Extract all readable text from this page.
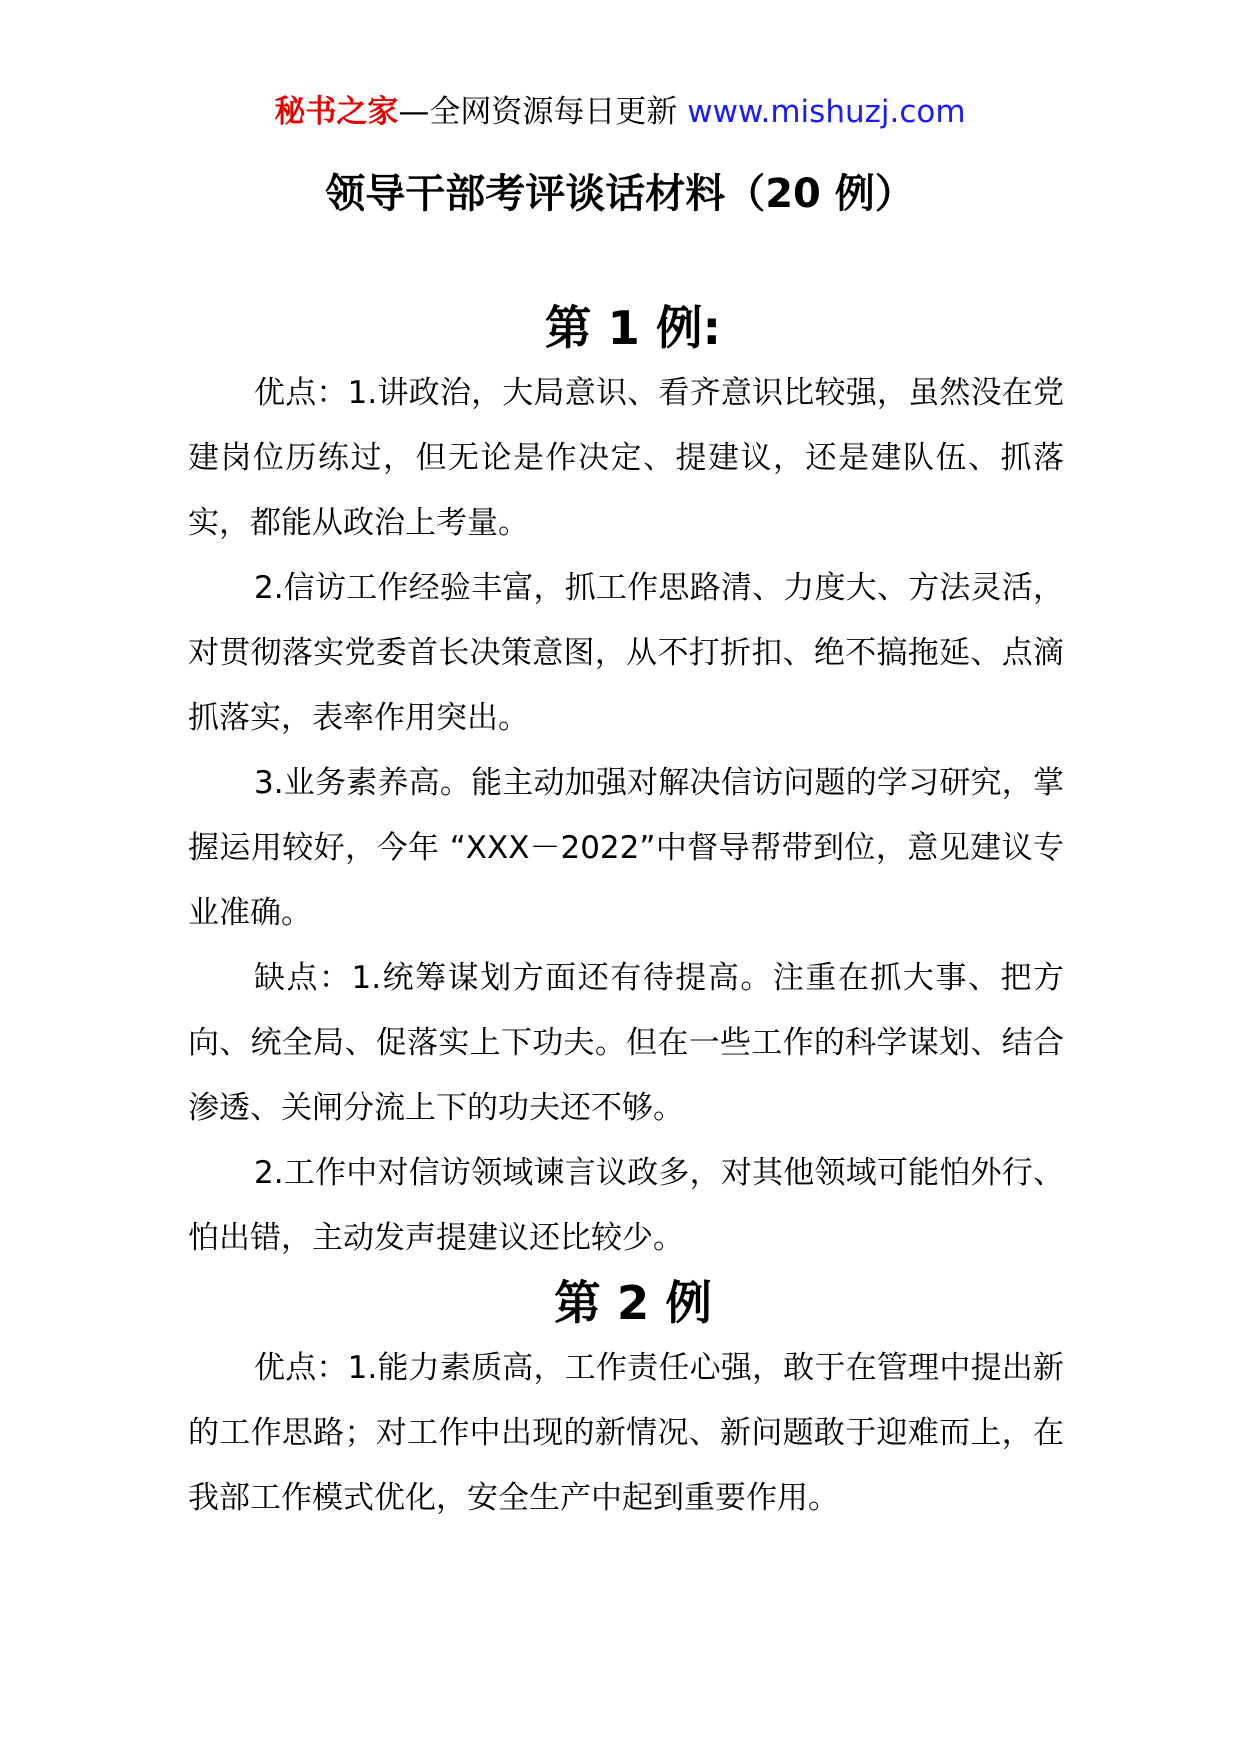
秘书之家—全网资源每日更新 www.mishuzj.com
领导干部考评谈话材料（20 例）
第 1 例:

优点：1.讲政治，大局意识、看齐意识比较强，虽然没在党建岗位历练过，但无论是作决定、提建议，还是建队伍、抓落实，都能从政治上考量。

2.信访工作经验丰富，抓工作思路清、力度大、方法灵活，对贯彻落实党委首长决策意图，从不打折扣、绝不搞拖延、点滴抓落实，表率作用突出。

3.业务素养高。能主动加强对解决信访问题的学习研究，掌握运用较好，今年 “XXX－2022”中督导帮带到位，意见建议专业准确。

缺点：1.统筹谋划方面还有待提高。注重在抓大事、把方向、统全局、促落实上下功夫。但在一些工作的科学谋划、结合渗透、关闸分流上下的功夫还不够。

2.工作中对信访领域谏言议政多，对其他领域可能怕外行、怕出错，主动发声提建议还比较少。

第 2 例

优点：1.能力素质高，工作责任心强，敢于在管理中提出新的工作思路；对工作中出现的新情况、新问题敢于迎难而上，在我部工作模式优化，安全生产中起到重要作用。
